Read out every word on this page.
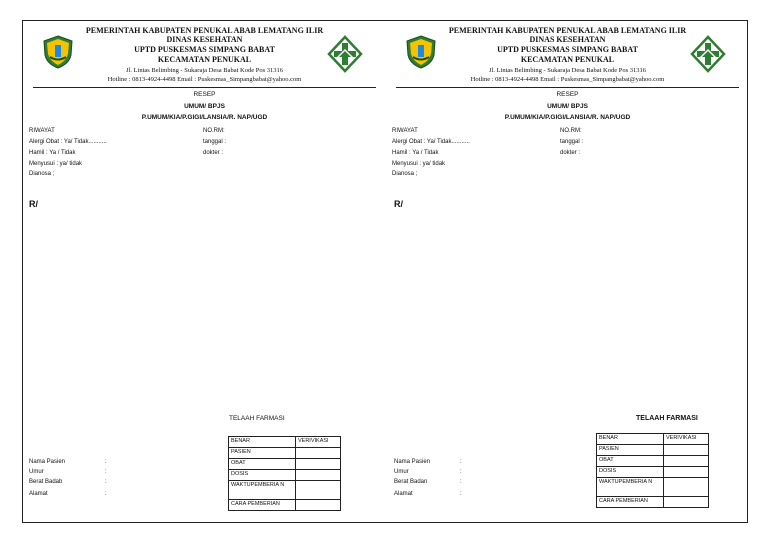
PEMERINTAH KABUPATEN PENUKAL ABAB LEMATANG ILIR
DINAS KESEHATAN
UPTD PUSKESMAS SIMPANG BABAT
KECAMATAN PENUKAL
Jl. Lintas Belimbing - Sukaraja Desa Babat Kode Pos 31316
Hotline : 0813-4924-4498 Email : Puskesmas_Simpangbabat@yahoo.com
RESEP
UMUM/ BPJS
P.UMUM/KIA/P.GIGI/LANSIA/R. NAP/UGD
RIWAYAT
Alergi Obat : Ya/ Tidak...........
Hamil : Ya / Tidak
Menyusui : ya/ tidak
Dianosa ;
NO.RM:
tanggal :
dokter :
R/
TELAAH FARMASI
BENAR	VERIVIKASI
PASIEN	
OBAT	
DOSIS	
WAKTUPEMBERIA N	
CARA PEMBERIAN	
Nama Pasien	:
Umur	:
Berat Badab	:
Alamat	:
PEMERINTAH KABUPATEN PENUKAL ABAB LEMATANG ILIR
DINAS KESEHATAN
UPTD PUSKESMAS SIMPANG BABAT
KECAMATAN PENUKAL
Jl. Lintas Belimbing - Sukaraja Desa Babat Kode Pos 31316
Hotline : 0813-4924-4498 Email : Puskesmas_Simpangbabat@yahoo.com
RESEP
UMUM/ BPJS
P.UMUM/KIA/P.GIGI/LANSIA/R. NAP/UGD
RIWAYAT
Alergi Obat : Ya/ Tidak...........
Hamil : Ya / Tidak
Menyusui : ya/ tidak
Dianosa ;
NO.RM:
tanggal :
dokter :
R/
TELAAH FARMASI
BENAR	VERIVIKASI
PASIEN	
OBAT	
DOSIS	
WAKTUPEMBERIA N	
CARA PEMBERIAN	
Nama Pasien	:
Umur	:
Berat Badan	:
Alamat	:
